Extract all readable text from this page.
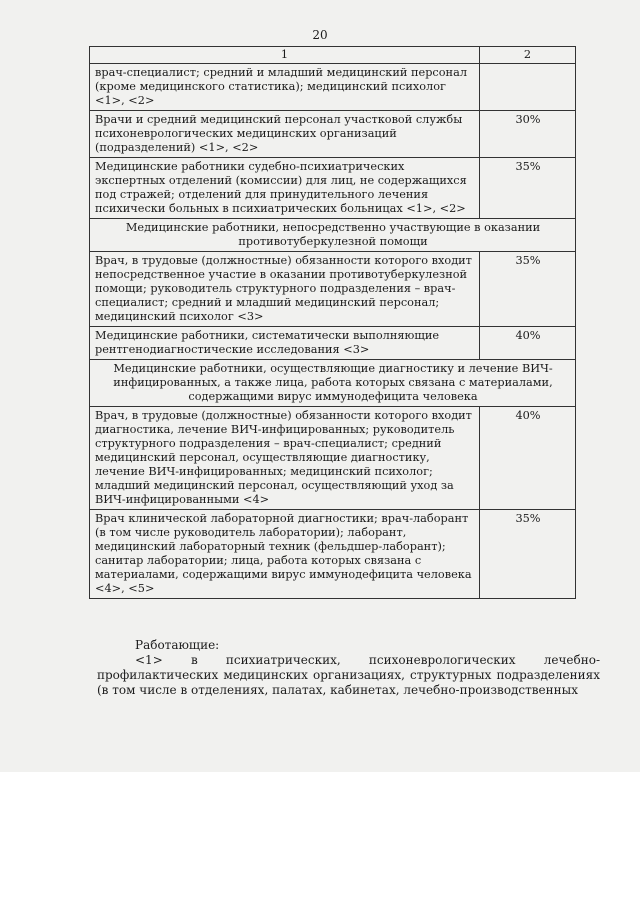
20
1	2
врач-специалист; средний и младший медицинский персонал (кроме медицинского статистика); медицинский психолог <1>, <2>	
Врачи и средний медицинский персонал участковой службы психоневрологических медицинских организаций (подразделений) <1>, <2>	30%
Медицинские работники судебно-психиатрических экспертных отделений (комиссии) для лиц, не содержащихся под стражей; отделений для принудительного лечения психически больных в психиатрических больницах <1>, <2>	35%
Медицинские работники, непосредственно участвующие в оказании противотуберкулезной помощи	
Врач, в трудовые (должностные) обязанности которого входит непосредственное участие в оказании противотуберкулезной помощи; руководитель структурного подразделения – врач-специалист; средний и младший медицинский персонал; медицинский психолог <3>	35%
Медицинские работники, систематически выполняющие рентгенодиагностические исследования <3>	40%
Медицинские работники, осуществляющие диагностику и лечение ВИЧ-инфицированных, а также лица, работа которых связана с материалами, содержащими вирус иммунодефицита человека	
Врач, в трудовые (должностные) обязанности которого входит диагностика, лечение ВИЧ-инфицированных; руководитель структурного подразделения – врач-специалист; средний медицинский персонал, осуществляющие диагностику, лечение ВИЧ-инфицированных; медицинский психолог; младший медицинский персонал, осуществляющий уход за ВИЧ-инфицированными <4>	40%
Врач клинической лабораторной диагностики; врач-лаборант (в том числе руководитель лаборатории); лаборант, медицинский лабораторный техник (фельдшер-лаборант); санитар лаборатории; лица, работа которых связана с материалами, содержащими вирус иммунодефицита человека <4>, <5>	35%

Работающие:

<1> в психиатрических, психоневрологических лечебно-профилактических медицинских организациях, структурных подразделениях (в том числе в отделениях, палатах, кабинетах, лечебно-производственных
